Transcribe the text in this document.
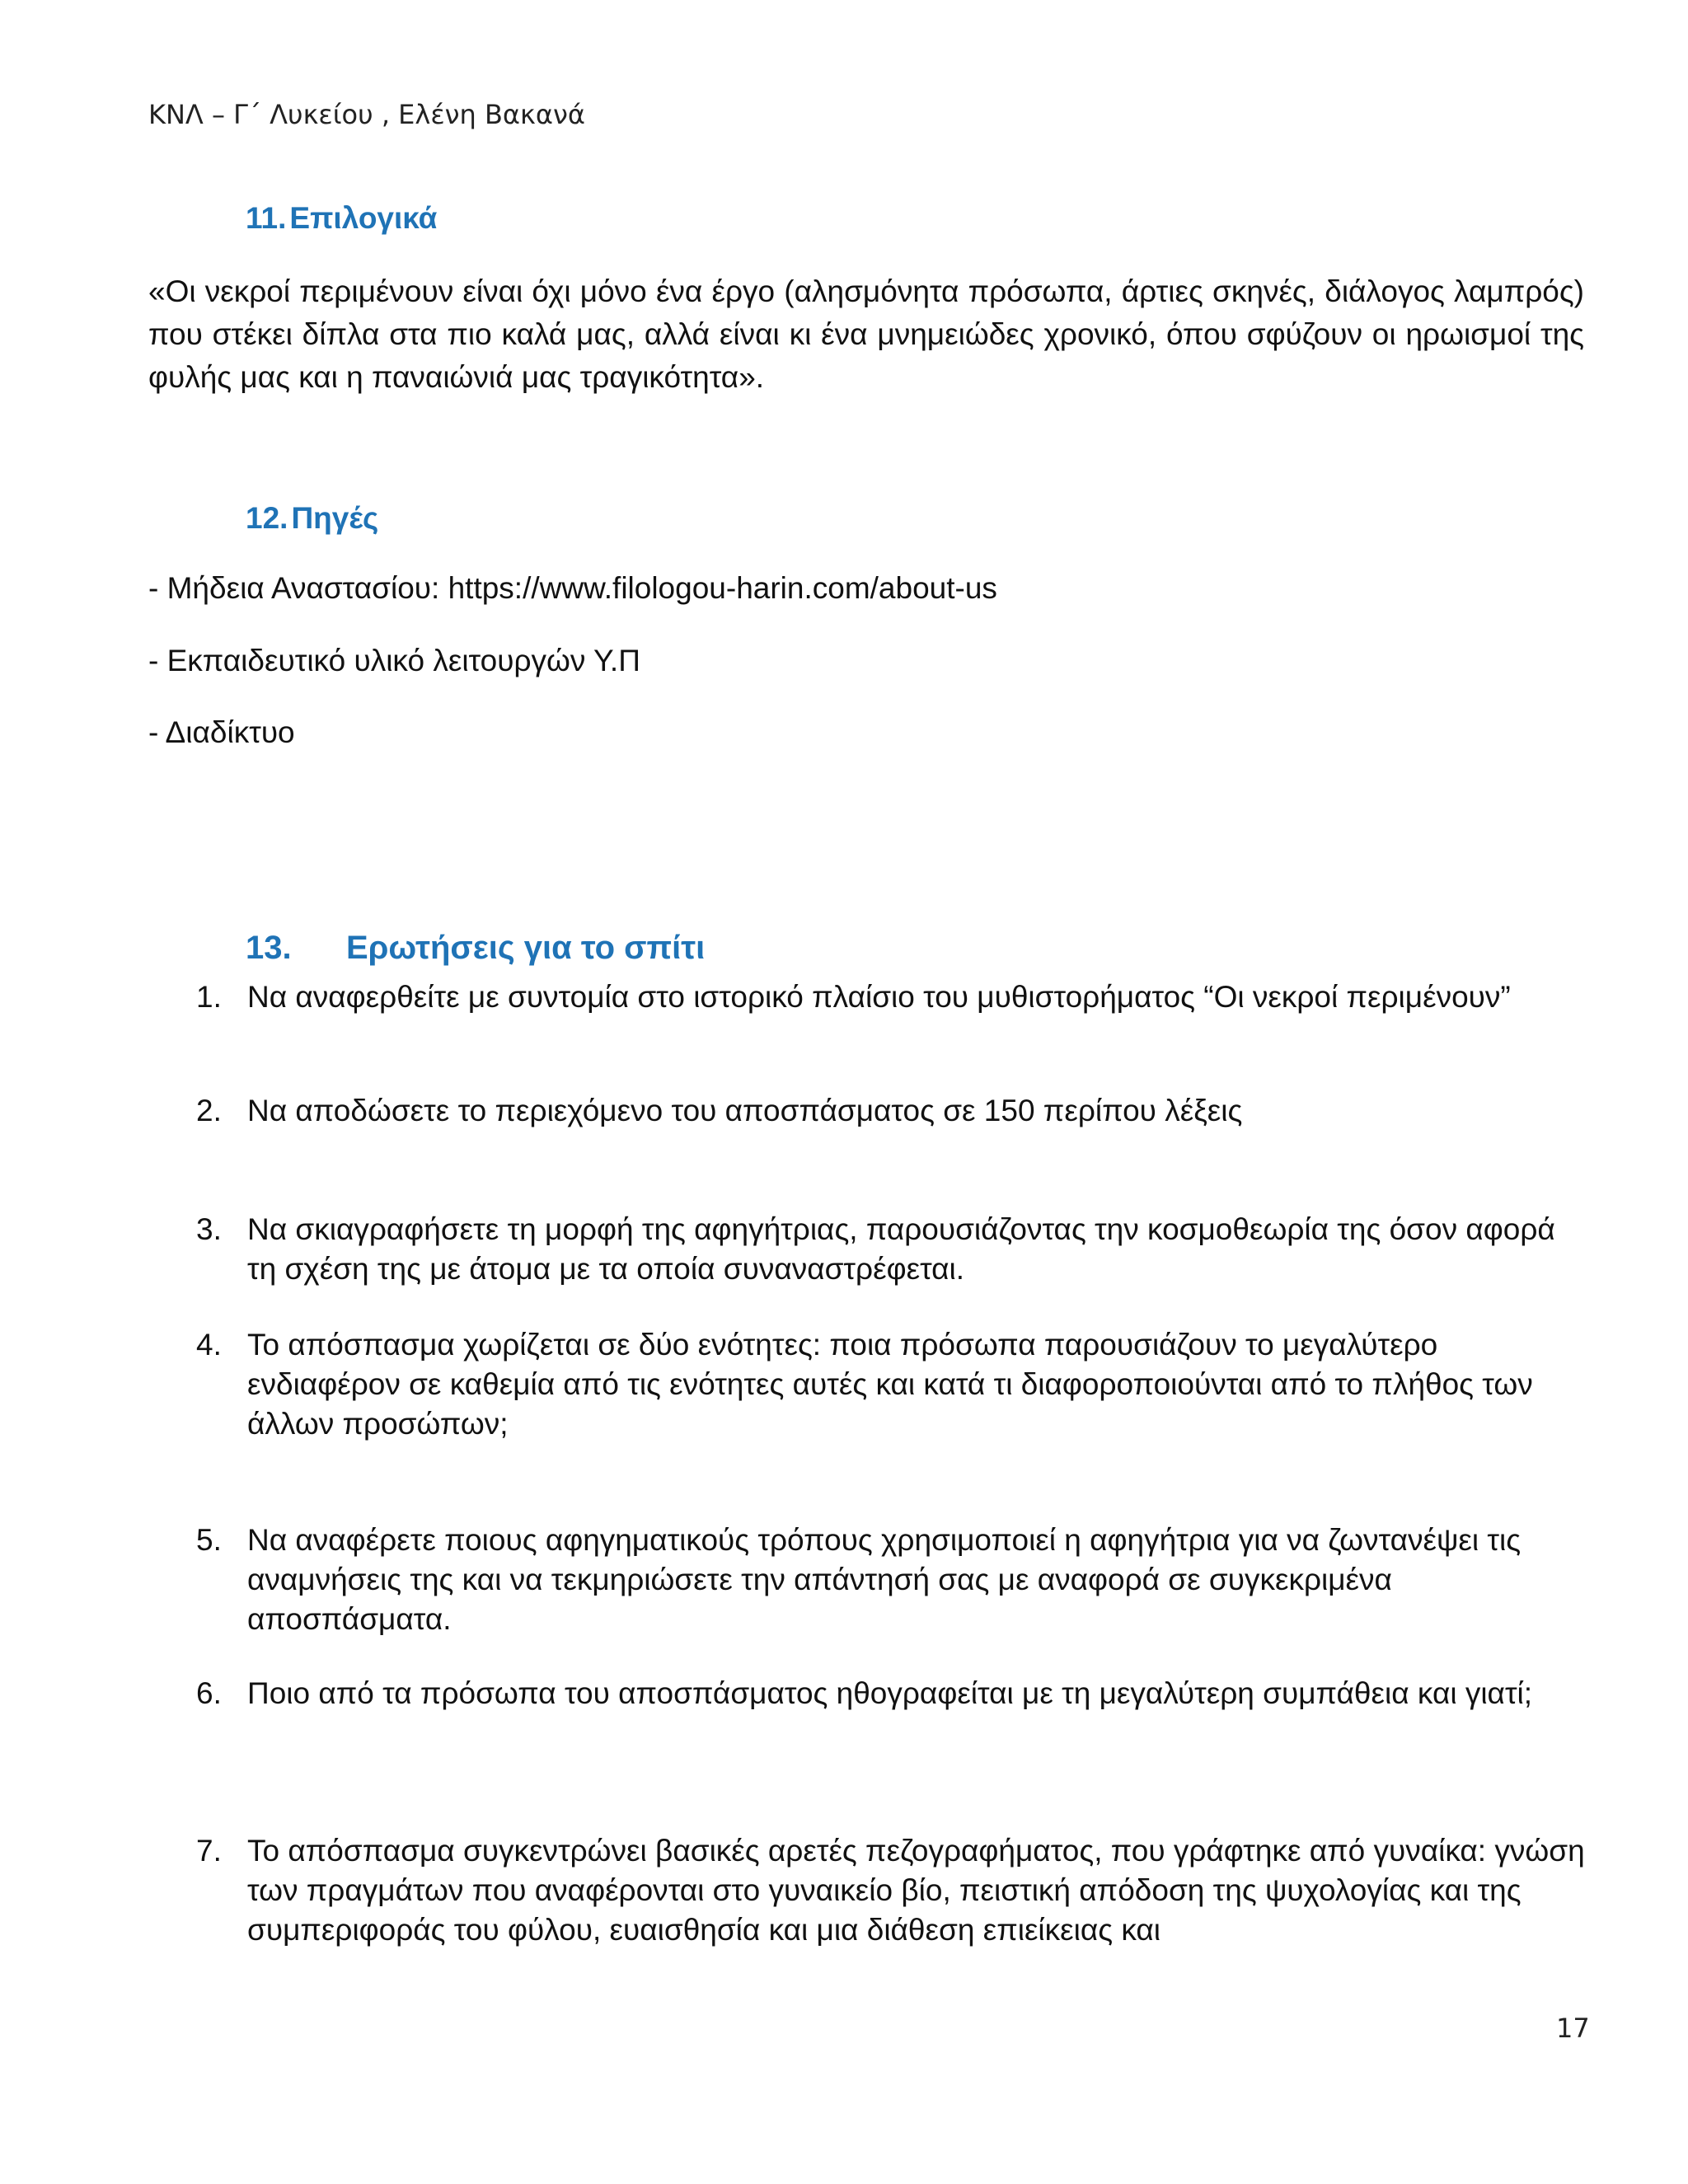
ΚΝΛ – Γ΄ Λυκείου , Ελένη Βακανά
11. Επιλογικά
«Οι νεκροί περιμένουν είναι όχι μόνο ένα έργο (αλησμόνητα πρόσωπα, άρτιες σκηνές, διάλογος λαμπρός) που στέκει δίπλα στα πιο καλά μας, αλλά είναι κι ένα μνημειώδες χρονικό, όπου σφύζουν οι ηρωισμοί της φυλής μας και η παναιώνιά μας τραγικότητα».
12. Πηγές
- Μήδεια Αναστασίου: https://www.filologou-harin.com/about-us
- Εκπαιδευτικό υλικό λειτουργών Υ.Π
- Διαδίκτυο
13. Ερωτήσεις για το σπίτι
1. Να αναφερθείτε με συντομία στο ιστορικό πλαίσιο του μυθιστορήματος “Οι νεκροί περιμένουν”
2. Να αποδώσετε το περιεχόμενο του αποσπάσματος σε 150 περίπου λέξεις
3. Να σκιαγραφήσετε τη μορφή της αφηγήτριας, παρουσιάζοντας την κοσμοθεωρία της όσον αφορά τη σχέση της με άτομα με τα οποία συναναστρέφεται.
4. Το απόσπασμα χωρίζεται σε δύο ενότητες: ποια πρόσωπα παρουσιάζουν το μεγαλύτερο ενδιαφέρον σε καθεμία από τις ενότητες αυτές και κατά τι διαφοροποιούνται από το πλήθος των άλλων προσώπων;
5. Να αναφέρετε ποιους αφηγηματικούς τρόπους χρησιμοποιεί η αφηγήτρια για να ζωντανέψει τις αναμνήσεις της και να τεκμηριώσετε την απάντησή σας με αναφορά σε συγκεκριμένα αποσπάσματα.
6. Ποιο από τα πρόσωπα του αποσπάσματος ηθογραφείται με τη μεγαλύτερη συμπάθεια και γιατί;
7. Το απόσπασμα συγκεντρώνει βασικές αρετές πεζογραφήματος, που γράφτηκε από γυναίκα: γνώση των πραγμάτων που αναφέρονται στο γυναικείο βίο, πειστική απόδοση της ψυχολογίας και της συμπεριφοράς του φύλου, ευαισθησία και μια διάθεση επιείκειας και
17
